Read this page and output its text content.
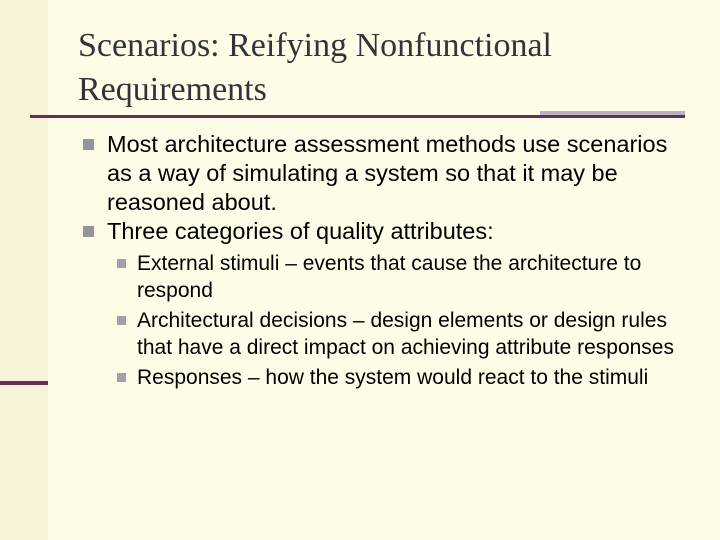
Scenarios: Reifying Nonfunctional Requirements
Most architecture assessment methods use scenarios as a way of simulating a system so that it may be reasoned about.
Three categories of quality attributes:
External stimuli – events that cause the architecture to respond
Architectural decisions – design elements or design rules that have a direct impact on achieving attribute responses
Responses – how the system would react to the stimuli
